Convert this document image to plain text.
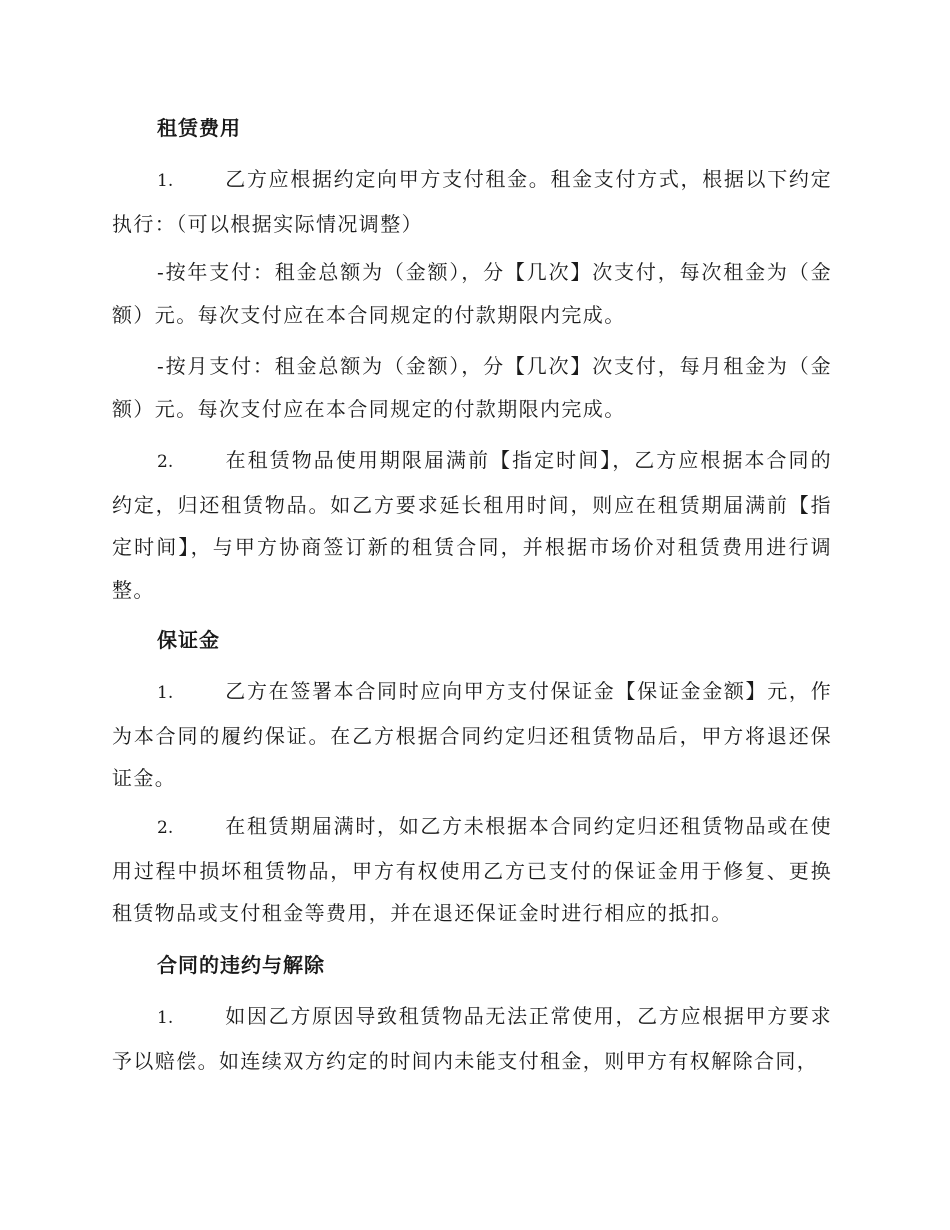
租赁费用
1.	乙方应根据约定向甲方支付租金。租金支付方式，根据以下约定执行：（可以根据实际情况调整）
-按年支付：租金总额为（金额），分【几次】次支付，每次租金为（金额）元。每次支付应在本合同规定的付款期限内完成。
-按月支付：租金总额为（金额），分【几次】次支付，每月租金为（金额）元。每次支付应在本合同规定的付款期限内完成。
2.	在租赁物品使用期限届满前【指定时间】，乙方应根据本合同的约定，归还租赁物品。如乙方要求延长租用时间，则应在租赁期届满前【指定时间】，与甲方协商签订新的租赁合同，并根据市场价对租赁费用进行调整。
保证金
1.	乙方在签署本合同时应向甲方支付保证金【保证金金额】元，作为本合同的履约保证。在乙方根据合同约定归还租赁物品后，甲方将退还保证金。
2.	在租赁期届满时，如乙方未根据本合同约定归还租赁物品或在使用过程中损坏租赁物品，甲方有权使用乙方已支付的保证金用于修复、更换租赁物品或支付租金等费用，并在退还保证金时进行相应的抵扣。
合同的违约与解除
1.	如因乙方原因导致租赁物品无法正常使用，乙方应根据甲方要求予以赔偿。如连续双方约定的时间内未能支付租金，则甲方有权解除合同，
